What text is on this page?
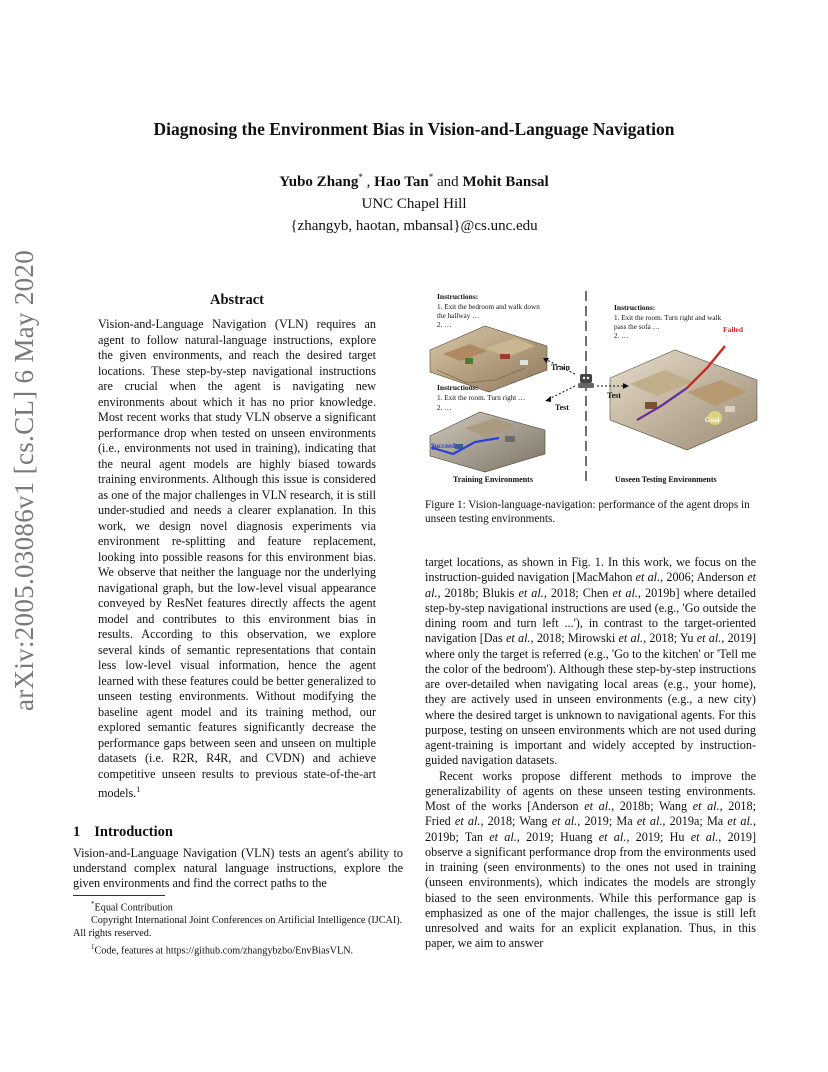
arXiv:2005.03086v1 [cs.CL] 6 May 2020
Diagnosing the Environment Bias in Vision-and-Language Navigation
Yubo Zhang* , Hao Tan* and Mohit Bansal
UNC Chapel Hill
{zhangyb, haotan, mbansal}@cs.unc.edu
Abstract
Vision-and-Language Navigation (VLN) requires an agent to follow natural-language instructions, explore the given environments, and reach the desired target locations. These step-by-step navigational instructions are crucial when the agent is navigating new environments about which it has no prior knowledge. Most recent works that study VLN observe a significant performance drop when tested on unseen environments (i.e., environments not used in training), indicating that the neural agent models are highly biased towards training environments. Although this issue is considered as one of the major challenges in VLN research, it is still under-studied and needs a clearer explanation. In this work, we design novel diagnosis experiments via environment re-splitting and feature replacement, looking into possible reasons for this environment bias. We observe that neither the language nor the underlying navigational graph, but the low-level visual appearance conveyed by ResNet features directly affects the agent model and contributes to this environment bias in results. According to this observation, we explore several kinds of semantic representations that contain less low-level visual information, hence the agent learned with these features could be better generalized to unseen testing environments. Without modifying the baseline agent model and its training method, our explored semantic features significantly decrease the performance gaps between seen and unseen on multiple datasets (i.e. R2R, R4R, and CVDN) and achieve competitive unseen results to previous state-of-the-art models.$^1$
1 Introduction
Vision-and-Language Navigation (VLN) tests an agent's ability to understand complex natural language instructions, explore the given environments and find the correct paths to the

*Equal Contribution

Copyright International Joint Conferences on Artificial Intelligence (IJCAI). All rights reserved.

$^1$Code, features at https://github.com/zhangybzbo/EnvBiasVLN.

Instructions:
1. Exit the bedroom and walk down
the hallway …
2. …
Instructions:
1. Exit the room. Turn right …
2. …
Instructions:
1. Exit the room. Turn right and walk
pass the sofa …
2. …
Train
Test
Test
Succeed
Failed
Goal
Training Environments	Unseen Testing Environments
Figure 1: Vision-language-navigation: performance of the agent drops in unseen testing environments.

target locations, as shown in Fig. 1. In this work, we focus on the instruction-guided navigation [MacMahon et al., 2006; Anderson et al., 2018b; Blukis et al., 2018; Chen et al., 2019b] where detailed step-by-step navigational instructions are used (e.g., 'Go outside the dining room and turn left ...'), in contrast to the target-oriented navigation [Das et al., 2018; Mirowski et al., 2018; Yu et al., 2019] where only the target is referred (e.g., 'Go to the kitchen' or 'Tell me the color of the bedroom'). Although these step-by-step instructions are over-detailed when navigating local areas (e.g., your home), they are actively used in unseen environments (e.g., a new city) where the desired target is unknown to navigational agents. For this purpose, testing on unseen environments which are not used during agent-training is important and widely accepted by instruction-guided navigation datasets.

Recent works propose different methods to improve the generalizability of agents on these unseen testing environments. Most of the works [Anderson et al., 2018b; Wang et al., 2018; Fried et al., 2018; Wang et al., 2019; Ma et al., 2019a; Ma et al., 2019b; Tan et al., 2019; Huang et al., 2019; Hu et al., 2019] observe a significant performance drop from the environments used in training (seen environments) to the ones not used in training (unseen environments), which indicates the models are strongly biased to the seen environments. While this performance gap is emphasized as one of the major challenges, the issue is still left unresolved and waits for an explicit explanation. Thus, in this paper, we aim to answer
